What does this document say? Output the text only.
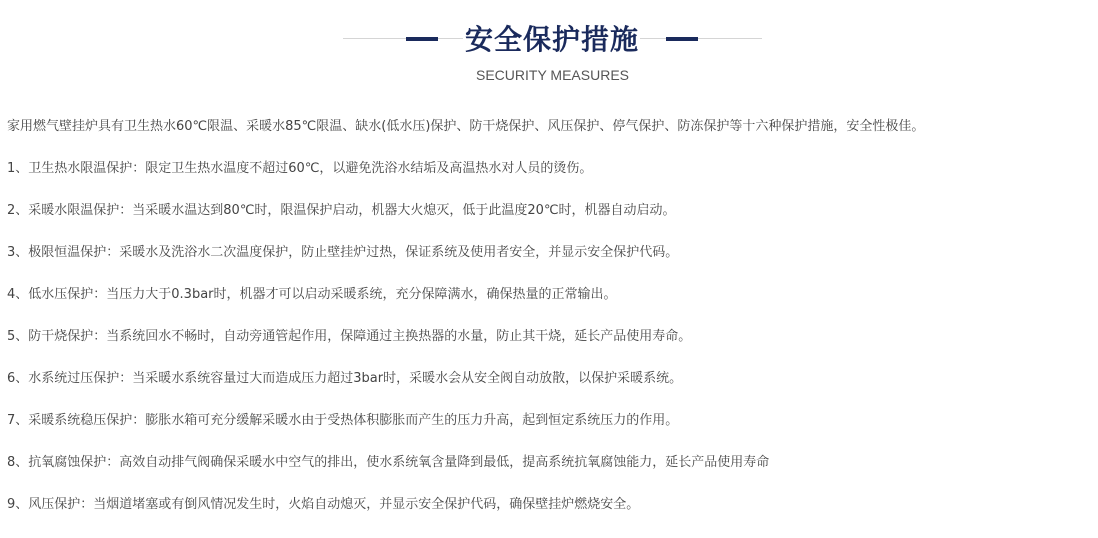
安全保护措施
SECURITY MEASURES

家用燃气壁挂炉具有卫生热水60℃限温、采暖水85℃限温、缺水(低水压)保护、防干烧保护、风压保护、停气保护、防冻保护等十六种保护措施，安全性极佳。

1、卫生热水限温保护：限定卫生热水温度不超过60℃，以避免洗浴水结垢及高温热水对人员的烫伤。

2、采暖水限温保护：当采暖水温达到80℃时，限温保护启动，机器大火熄灭，低于此温度20℃时，机器自动启动。

3、极限恒温保护：采暖水及洗浴水二次温度保护，防止壁挂炉过热，保证系统及使用者安全，并显示安全保护代码。

4、低水压保护：当压力大于0.3bar时，机器才可以启动采暖系统，充分保障满水，确保热量的正常输出。

5、防干烧保护：当系统回水不畅时，自动旁通管起作用，保障通过主换热器的水量，防止其干烧，延长产品使用寿命。

6、水系统过压保护：当采暖水系统容量过大而造成压力超过3bar时，采暖水会从安全阀自动放散，以保护采暖系统。

7、采暖系统稳压保护：膨胀水箱可充分缓解采暖水由于受热体积膨胀而产生的压力升高，起到恒定系统压力的作用。

8、抗氧腐蚀保护：高效自动排气阀确保采暖水中空气的排出，使水系统氧含量降到最低，提高系统抗氧腐蚀能力，延长产品使用寿命

9、风压保护：当烟道堵塞或有倒风情况发生时，火焰自动熄灭，并显示安全保护代码，确保壁挂炉燃烧安全。
